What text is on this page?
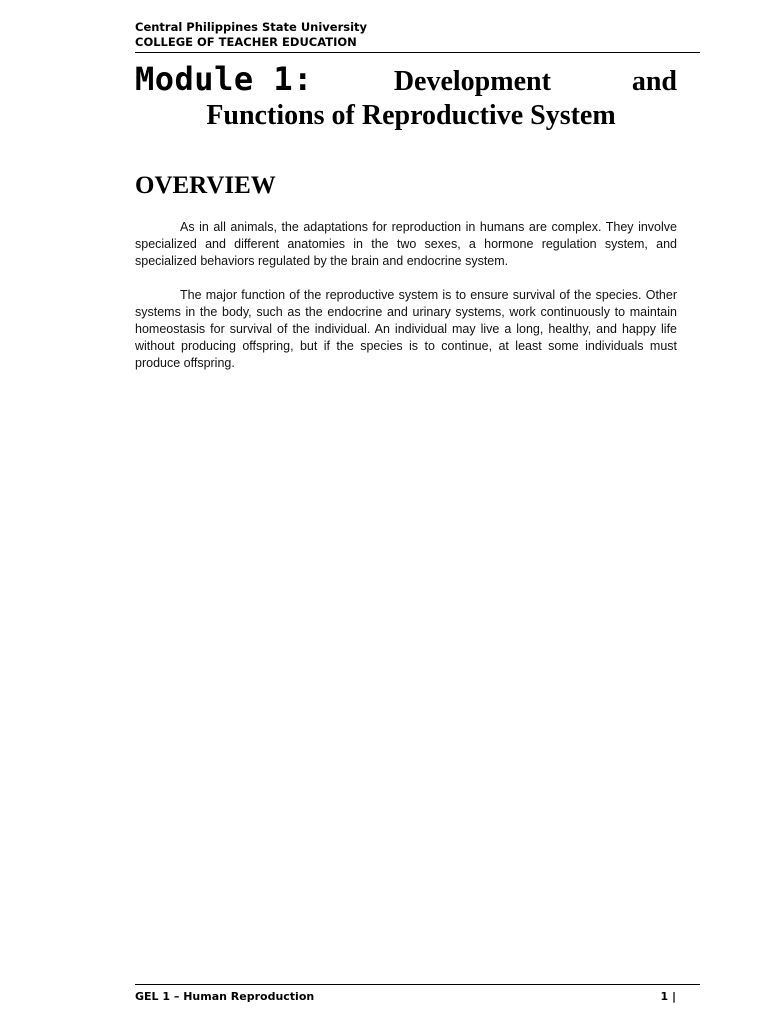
Central Philippines State University
COLLEGE OF TEACHER EDUCATION
Module 1:	Development	and
Functions of Reproductive System
OVERVIEW

As in all animals, the adaptations for reproduction in humans are complex. They involve specialized and different anatomies in the two sexes, a hormone regulation system, and specialized behaviors regulated by the brain and endocrine system.

The major function of the reproductive system is to ensure survival of the species. Other systems in the body, such as the endocrine and urinary systems, work continuously to maintain homeostasis for survival of the individual. An individual may live a long, healthy, and happy life without producing offspring, but if the species is to continue, at least some individuals must produce offspring.

GEL 1 – Human Reproduction	1 |
